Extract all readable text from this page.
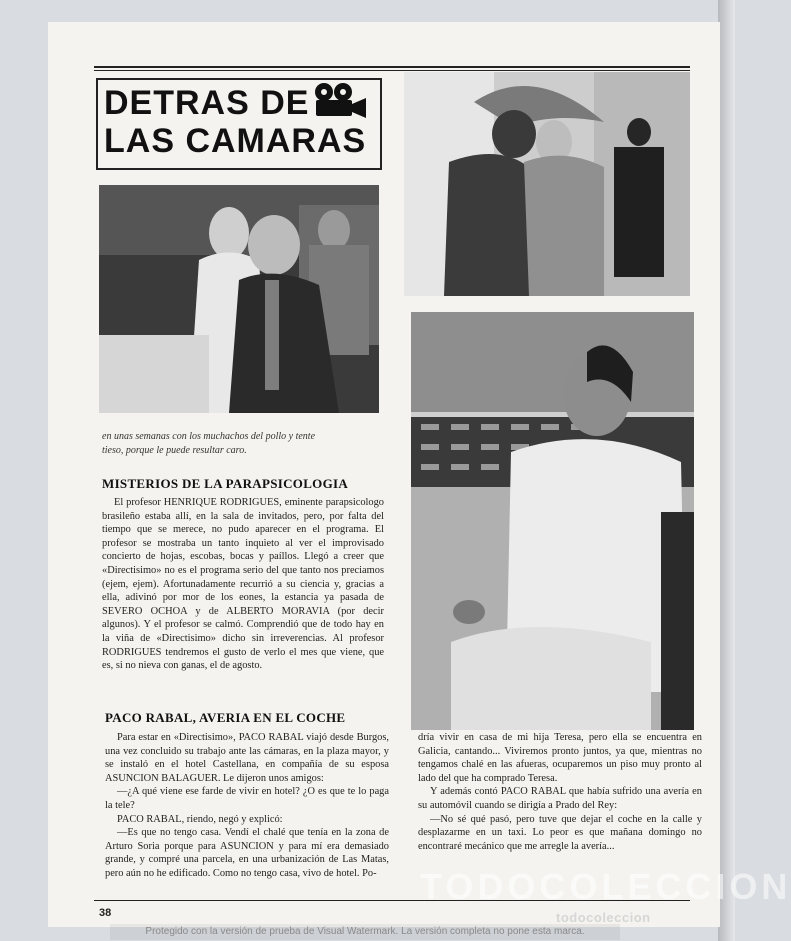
DETRAS DE
LAS CAMARAS
en unas semanas con los muchachos del pollo y tente
tieso, porque le puede resultar caro.
MISTERIOS DE LA PARAPSICOLOGIA

El profesor HENRIQUE RODRIGUES, eminente parapsicologo brasileño estaba allí, en la sala de invitados, pero, por falta del tiempo que se merece, no pudo aparecer en el programa. El profesor se mostraba un tanto inquieto al ver el improvisado concierto de hojas, escobas, bocas y paíllos. Llegó a creer que «Directisimo» no es el programa serio del que tanto nos preciamos (ejem, ejem). Afortunadamente recurrió a su ciencia y, gracias a ella, adivinó por mor de los eones, la estancia ya pasada de SEVERO OCHOA y de ALBERTO MORAVIA (por decir algunos). Y el profesor se calmó. Comprendió que de todo hay en la viña de «Directisimo» dicho sin irreverencias. Al profesor RODRIGUES tendremos el gusto de verlo el mes que viene, que es, si no nieva con ganas, el de agosto.

PACO RABAL, AVERIA EN EL COCHE

Para estar en «Directisimo», PACO RABAL viajó desde Burgos, una vez concluido su trabajo ante las cámaras, en la plaza mayor, y se instaló en el hotel Castellana, en compañía de su esposa ASUNCION BALAGUER. Le dijeron unos amigos:

—¿A qué viene ese farde de vivir en hotel? ¿O es que te lo paga la tele?

PACO RABAL, riendo, negó y explicó:

—Es que no tengo casa. Vendí el chalé que tenía en la zona de Arturo Soria porque para ASUNCION y para mí era demasiado grande, y compré una parcela, en una urbanización de Las Matas, pero aún no he edificado. Como no tengo casa, vivo de hotel. Po-

dría vivir en casa de mi hija Teresa, pero ella se encuentra en Galicia, cantando... Viviremos pronto juntos, ya que, mientras no tengamos chalé en las afueras, ocuparemos un piso muy pronto al lado del que ha comprado Teresa.

Y además contó PACO RABAL que había sufrido una avería en su automóvil cuando se dirigía a Prado del Rey:

—No sé qué pasó, pero tuve que dejar el coche en la calle y desplazarme en un taxi. Lo peor es que mañana domingo no encontraré mecánico que me arregle la avería...

38
TODOCOLECCION
todocoleccion
Protegido con la versión de prueba de Visual Watermark. La versión completa no pone esta marca.
